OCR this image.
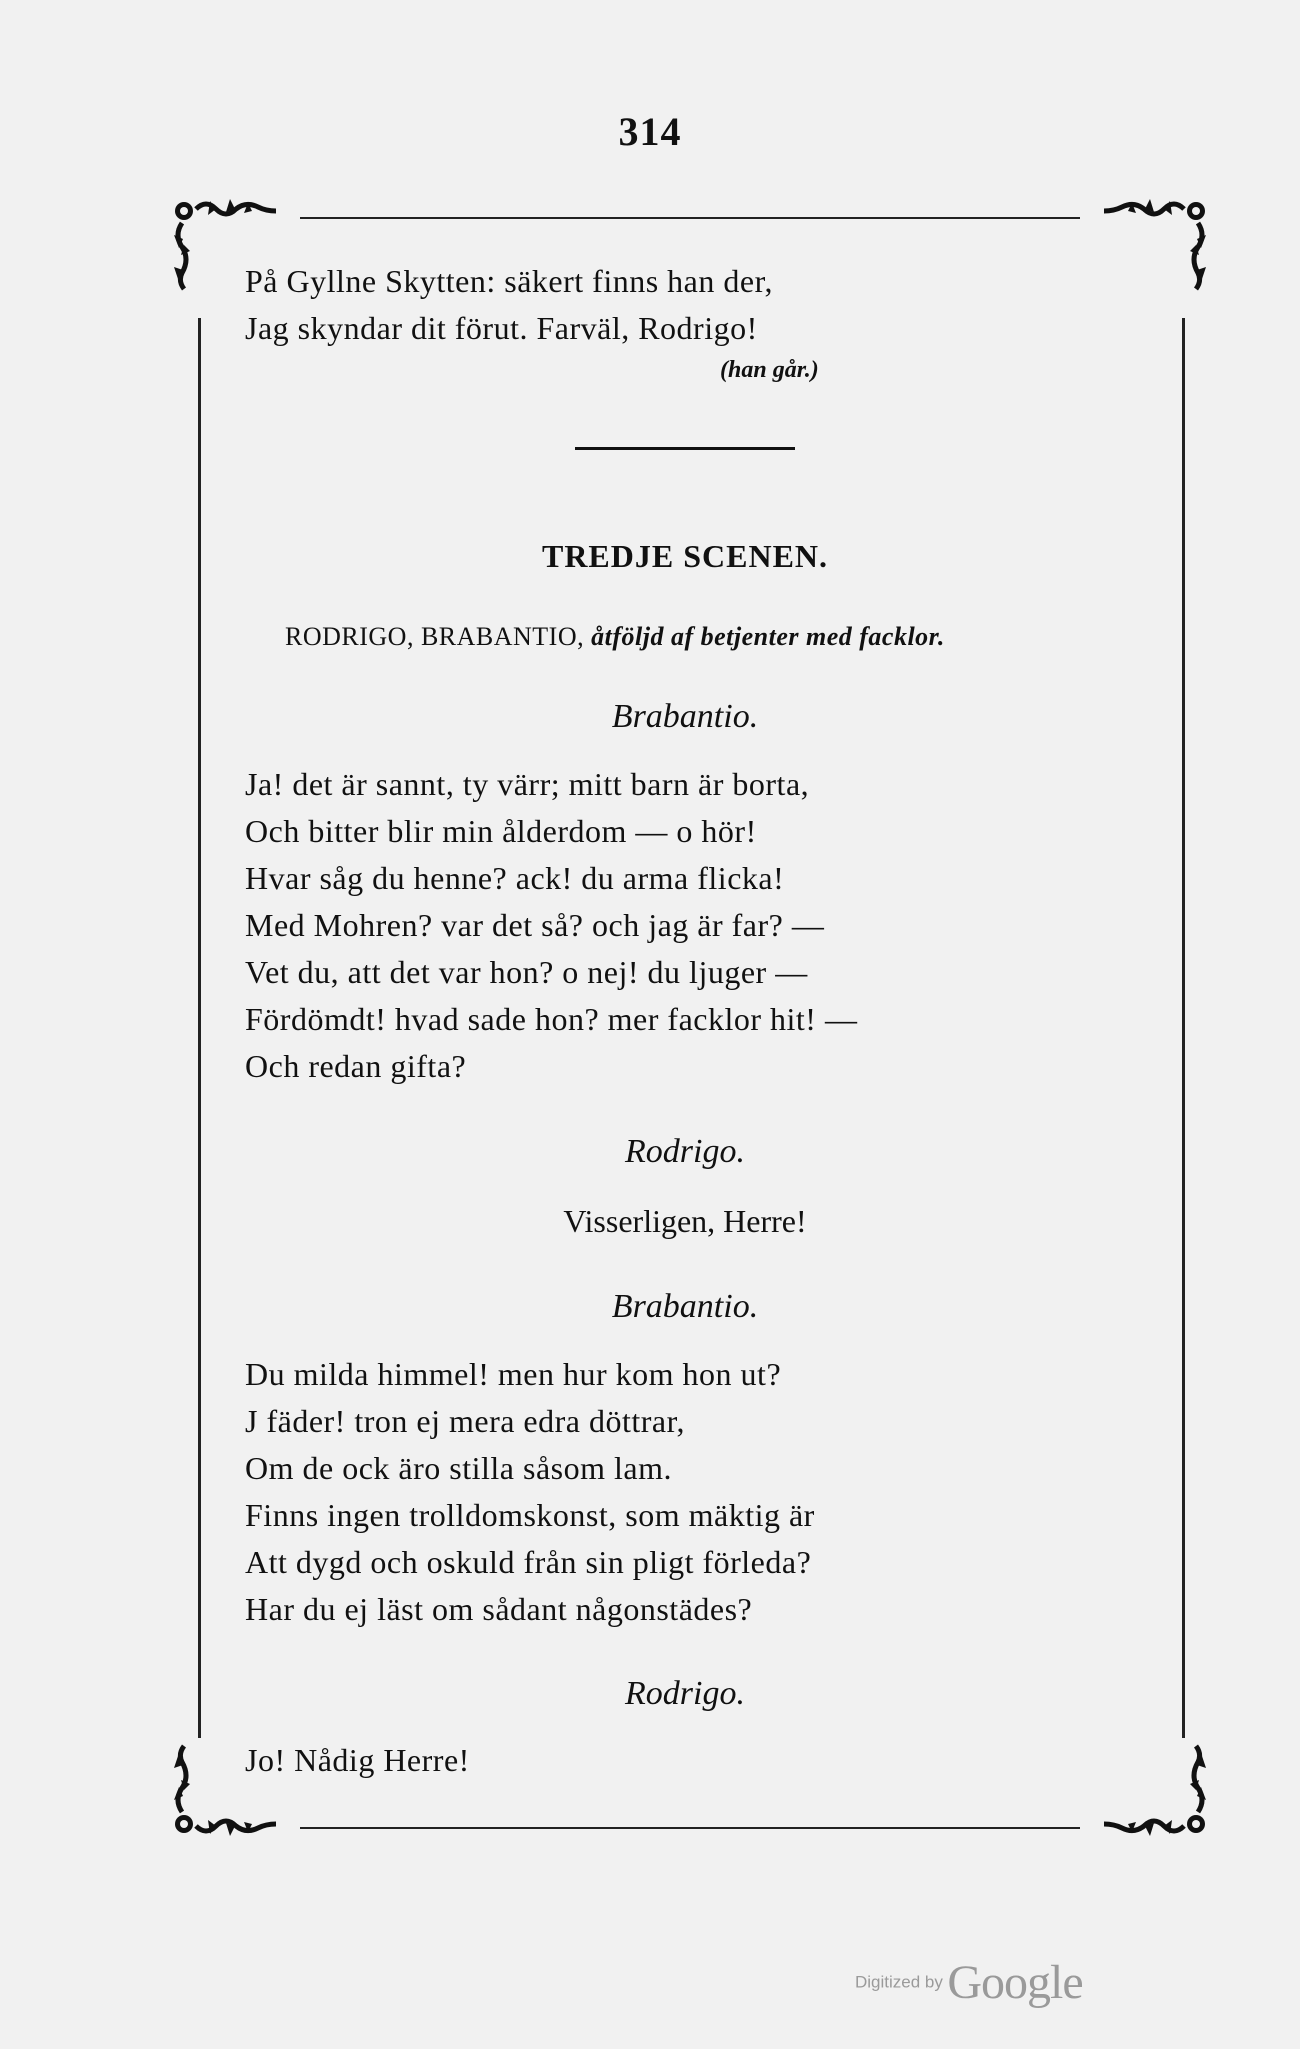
314
På Gyllne Skytten: säkert finns han der,
Jag skyndar dit förut. Farväl, Rodrigo!
(han går.)
TREDJE SCENEN.
RODRIGO, BRABANTIO, åtföljd af betjenter med facklor.
Brabantio.
Ja! det är sannt, ty värr; mitt barn är borta,
Och bitter blir min ålderdom — o hör!
Hvar såg du henne? ack! du arma flicka!
Med Mohren? var det så? och jag är far? —
Vet du, att det var hon? o nej! du ljuger —
Fördömdt! hvad sade hon? mer facklor hit! —
Och redan gifta?
Rodrigo.
Visserligen, Herre!
Brabantio.
Du milda himmel! men hur kom hon ut?
J fäder! tron ej mera edra döttrar,
Om de ock äro stilla såsom lam.
Finns ingen trolldomskonst, som mäktig är
Att dygd och oskuld från sin pligt förleda?
Har du ej läst om sådant någonstädes?
Rodrigo.
Jo! Nådig Herre!
Digitized by Google
